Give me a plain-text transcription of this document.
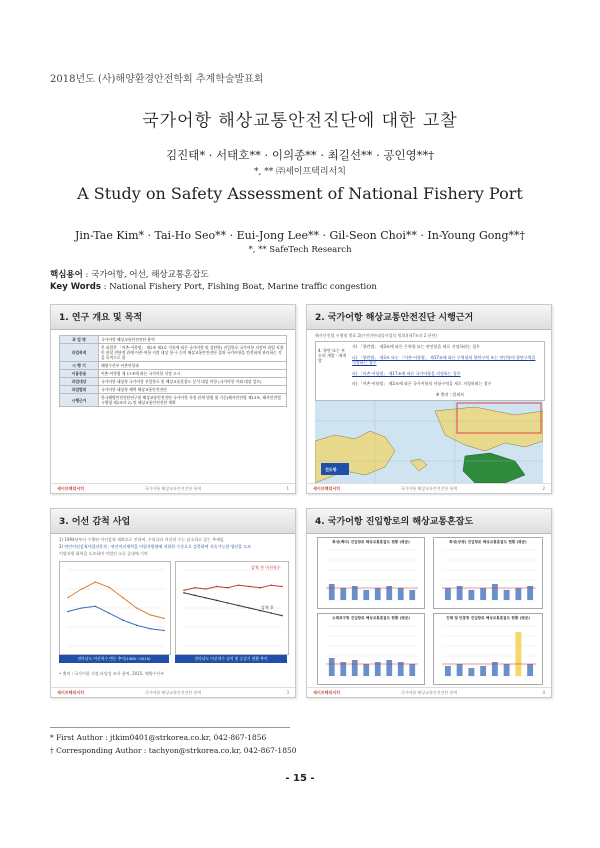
2018년도 (사)해양환경안전학회 추계학술발표회
국가어항 해상교통안전진단에 대한 고찰
김진태* · 서태호** · 이의종** · 최길선** · 공인영**†
*, ** ㈜세이프텍리서치
A Study on Safety Assessment of National Fishery Port
Jin-Tae Kim* · Tai-Ho Seo** · Eui-Jong Lee** · Gil-Seon Choi** · In-Young Gong**†
*, ** SafeTech Research
핵심용어 : 국가어항, 어선, 해상교통혼잡도
Key Words : National Fishery Port, Fishing Boat, Marine traffic congestion
1. 연구 개요 및 목적
과 업 명	국가어항 해상교통안전진단 용역
과업목적	본 과업은 「어촌·어항법」 제2조 제3호 가목에 따른 국가어항 및 상단항) 진입항로 국가어항 지정이 과업 지정이 관할 진단정 관계 어촌·어항 지정 대상 항·구 등의 해상교통안전진단 결과 국가어항을 안전하게 관리하는 것을 목적으로 함
시 행 기	해양수산부 어촌어항과
이용중용	어촌·어항법 제 17조에 따른 국가어항 지정 고시
과업대상	국가어항 대상항 국가어항 진입항로 및 해상교통혼잡도 분석 대상 어항 (국가어항 이외 대상 검토)
과업범위	국가어항 대상항 해역 해상교통안전진단
시행근거	한국해양안전진단연구원 해상교통안전진단 국가어항 지정 관계 법령 및 기준(해사안전법 제13조, 해사안전법 시행령 제2조의 2) 및 해상교통안전진단 계획
세이프텍리서치	국가어항 해상교통안전진단 용역	1
2. 국가어항 해상교통안전진단 시행근거
해사안전법 시행령 별표 2(안전진단대상사업의 범위)(제7조의 2 관련)
4. 항만 또는 부두의 개발 · 재개발
가) 「항만법」 제3조에 따른 무역항 또는 연안항을 새로 지정하려는 경우
나) 「항만법」 제3조 또는 「어촌·어항법」 제17조에 따른 무역항의 항만구역 또는 연안항의 항만구역을 지정하는 경우
다) 「어촌·어항법」 제17조에 따른 국가어항을 지정하는 경우
라) 「어촌·어항법」 제2조에 따른 국가어항의 어항구역을 새로 지정하려는 경우
※ 출처 : 법제처
진도항
세이프텍리서치	국가어항 해상교통안전진단 용역	2
3. 어선 감척 사업
1) 1994년부터 수행된 어선감척 계획으로 인하여, 우리나라 어선의 수는 감소하고 있는 추세임
2) 연안어선감척사업의목적 : 연안어선세력을 어업자원량에 적합한 수준으로 감축하여 지속가능한 생산을 도모
어업자원 회복을 도모하며 어업인 소득 증대에 기여
감척 전 어선척수
감척 후
전라남도 어선척수 변동 추이(1982~2015)	전라남도 어선척수 실적 및 증감기 현황 추이
• 출처 : 국가어항 지정 타당성 조사 용역, 2015, 해양수산부
세이프텍리서치	국가어항 해상교통안전진단 용역	3
4. 국가어항 진입항로의 해상교통혼잡도
화성(백미) 진입항로 해상교통혼잡도 현황 (평균)	화성(궁평) 진입항로 해상교통혼잡도 현황 (평균)
소래포구항 진입항로 해상교통혼잡도 현황 (평균)	진해 및 안흥항 진입항로 해상교통혼잡도 현황 (평균)
세이프텍리서치	국가어항 해상교통안전진단 용역	4
* First Author : jtkim0401@strkorea.co.kr, 042-867-1856
† Corresponding Author : tachyon@strkorea.co.kr, 042-867-1850
- 15 -
